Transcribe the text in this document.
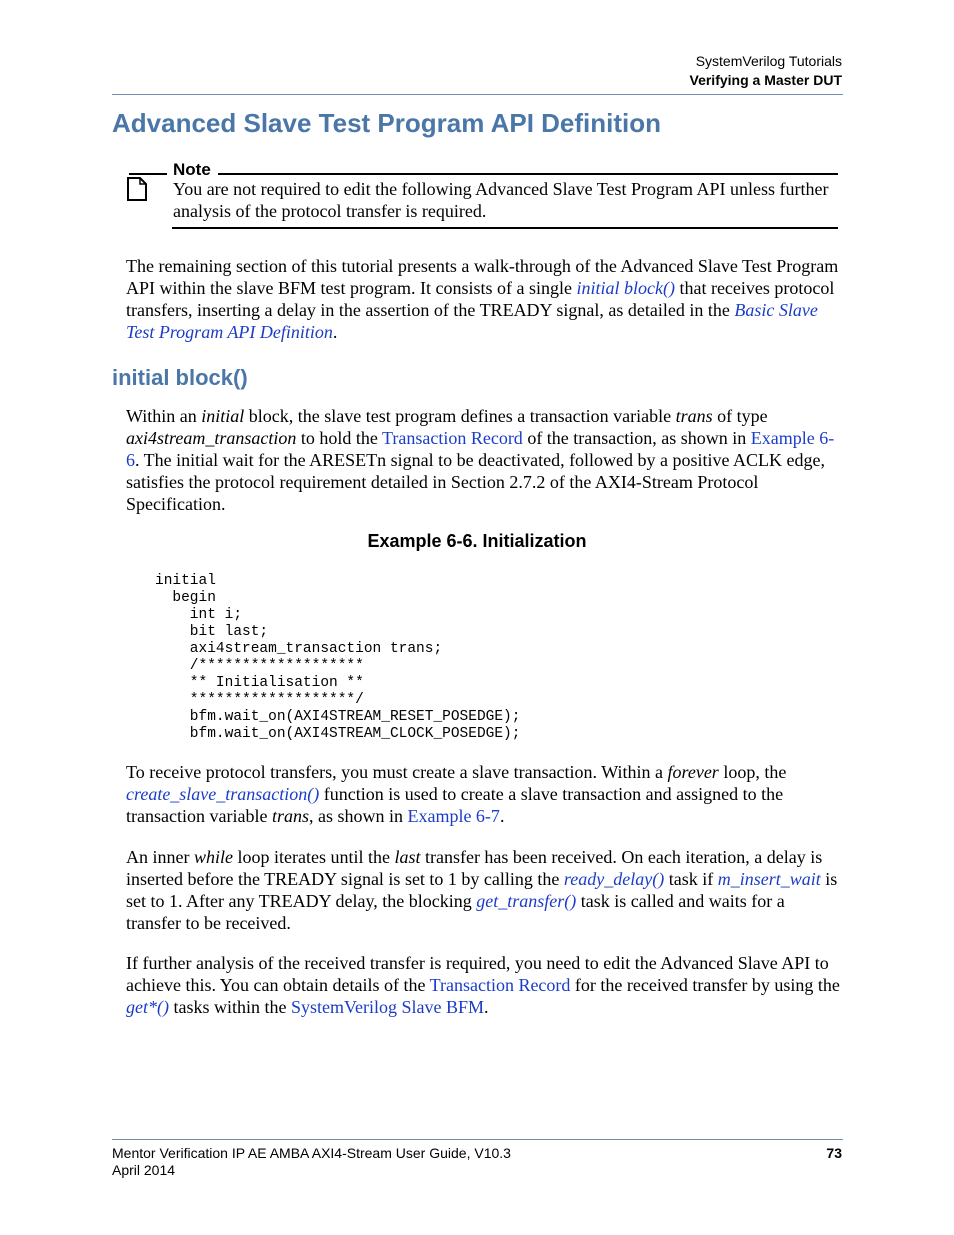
SystemVerilog Tutorials
Verifying a Master DUT
Advanced Slave Test Program API Definition
Note
You are not required to edit the following Advanced Slave Test Program API unless further analysis of the protocol transfer is required.

The remaining section of this tutorial presents a walk-through of the Advanced Slave Test Program API within the slave BFM test program. It consists of a single initial block() that receives protocol transfers, inserting a delay in the assertion of the TREADY signal, as detailed in the Basic Slave Test Program API Definition.

initial block()

Within an initial block, the slave test program defines a transaction variable trans of type axi4stream_transaction to hold the Transaction Record of the transaction, as shown in Example 6-6. The initial wait for the ARESETn signal to be deactivated, followed by a positive ACLK edge, satisfies the protocol requirement detailed in Section 2.7.2 of the AXI4-Stream Protocol Specification.

Example 6-6. Initialization
initial
begin
int i;
bit last;
axi4stream_transaction trans;
/*******************
** Initialisation **
*******************/
bfm.wait_on(AXI4STREAM_RESET_POSEDGE);
bfm.wait_on(AXI4STREAM_CLOCK_POSEDGE);

To receive protocol transfers, you must create a slave transaction. Within a forever loop, the create_slave_transaction() function is used to create a slave transaction and assigned to the transaction variable trans, as shown in Example 6-7.

An inner while loop iterates until the last transfer has been received. On each iteration, a delay is inserted before the TREADY signal is set to 1 by calling the ready_delay() task if m_insert_wait is set to 1. After any TREADY delay, the blocking get_transfer() task is called and waits for a transfer to be received.

If further analysis of the received transfer is required, you need to edit the Advanced Slave API to achieve this. You can obtain details of the Transaction Record for the received transfer by using the get*() tasks within the SystemVerilog Slave BFM.

Mentor Verification IP AE AMBA AXI4-Stream User Guide, V10.3
April 2014
73
